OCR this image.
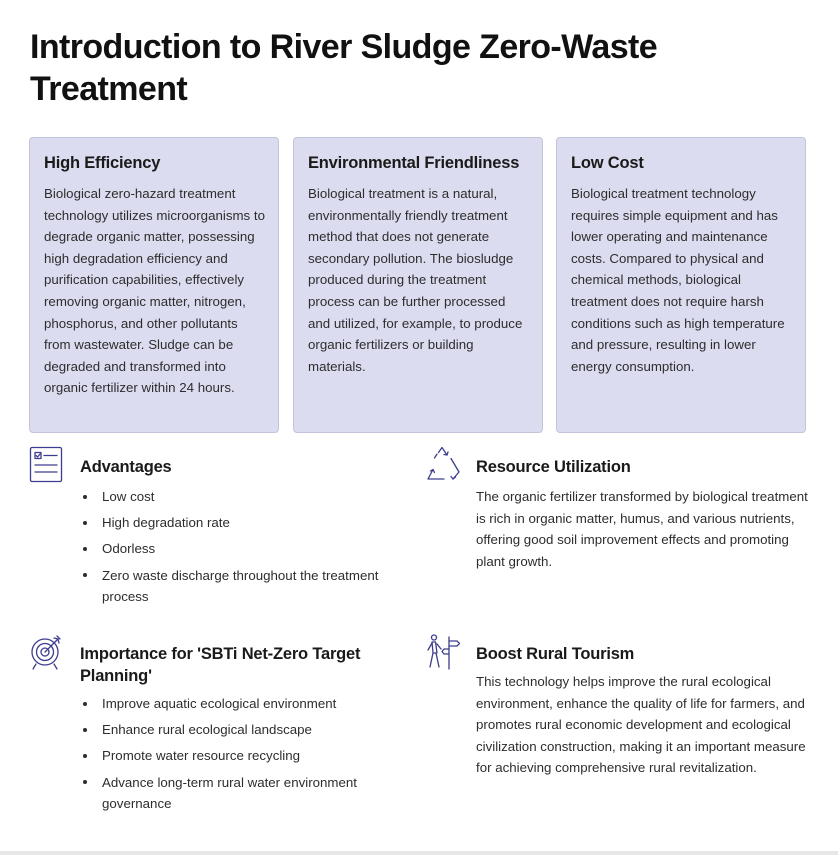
Introduction to River Sludge Zero-Waste Treatment
High Efficiency
Biological zero-hazard treatment technology utilizes microorganisms to degrade organic matter, possessing high degradation efficiency and purification capabilities, effectively removing organic matter, nitrogen, phosphorus, and other pollutants from wastewater. Sludge can be degraded and transformed into organic fertilizer within 24 hours.
Environmental Friendliness
Biological treatment is a natural, environmentally friendly treatment method that does not generate secondary pollution. The biosludge produced during the treatment process can be further processed and utilized, for example, to produce organic fertilizers or building materials.
Low Cost
Biological treatment technology requires simple equipment and has lower operating and maintenance costs. Compared to physical and chemical methods, biological treatment does not require harsh conditions such as high temperature and pressure, resulting in lower energy consumption.
Advantages
Low cost
High degradation rate
Odorless
Zero waste discharge throughout the treatment process
Resource Utilization
The organic fertilizer transformed by biological treatment is rich in organic matter, humus, and various nutrients, offering good soil improvement effects and promoting plant growth.
Importance for 'SBTi Net-Zero Target Planning'
Improve aquatic ecological environment
Enhance rural ecological landscape
Promote water resource recycling
Advance long-term rural water environment governance
Boost Rural Tourism
This technology helps improve the rural ecological environment, enhance the quality of life for farmers, and promotes rural economic development and ecological civilization construction, making it an important measure for achieving comprehensive rural revitalization.
